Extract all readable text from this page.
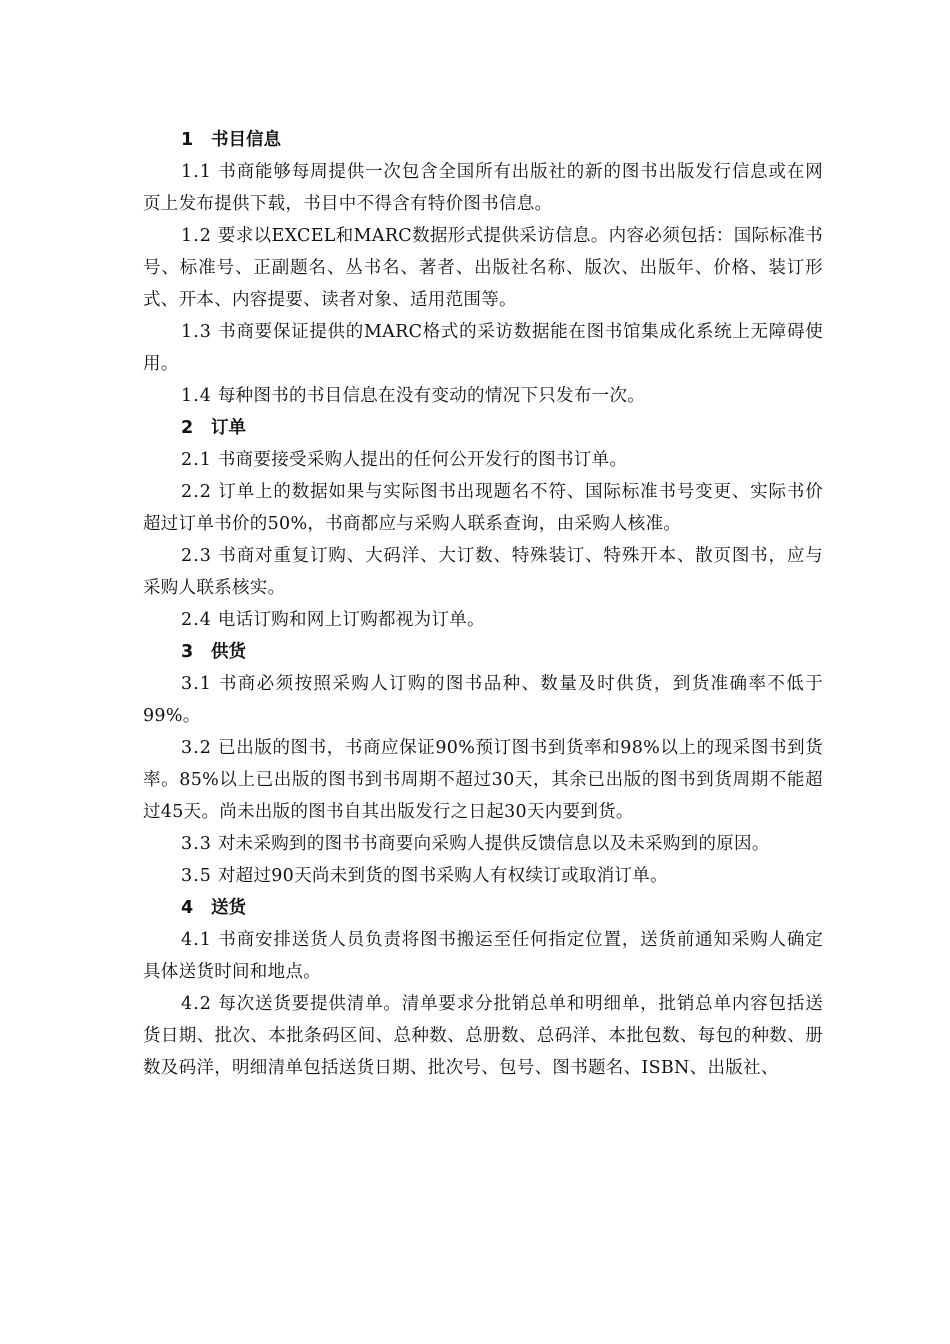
1 书目信息

1.1 书商能够每周提供一次包含全国所有出版社的新的图书出版发行信息或在网页上发布提供下载，书目中不得含有特价图书信息。

1.2 要求以EXCEL和MARC数据形式提供采访信息。内容必须包括：国际标准书号、标准号、正副题名、丛书名、著者、出版社名称、版次、出版年、价格、装订形式、开本、内容提要、读者对象、适用范围等。

1.3 书商要保证提供的MARC格式的采访数据能在图书馆集成化系统上无障碍使用。

1.4 每种图书的书目信息在没有变动的情况下只发布一次。

2 订单

2.1 书商要接受采购人提出的任何公开发行的图书订单。

2.2 订单上的数据如果与实际图书出现题名不符、国际标准书号变更、实际书价超过订单书价的50%，书商都应与采购人联系查询，由采购人核准。

2.3 书商对重复订购、大码洋、大订数、特殊装订、特殊开本、散页图书，应与采购人联系核实。

2.4 电话订购和网上订购都视为订单。

3 供货

3.1 书商必须按照采购人订购的图书品种、数量及时供货，到货准确率不低于99%。

3.2 已出版的图书，书商应保证90%预订图书到货率和98%以上的现采图书到货率。85%以上已出版的图书到书周期不超过30天，其余已出版的图书到货周期不能超过45天。尚未出版的图书自其出版发行之日起30天内要到货。

3.3 对未采购到的图书书商要向采购人提供反馈信息以及未采购到的原因。

3.5 对超过90天尚未到货的图书采购人有权续订或取消订单。

4 送货

4.1 书商安排送货人员负责将图书搬运至任何指定位置，送货前通知采购人确定具体送货时间和地点。

4.2 每次送货要提供清单。清单要求分批销总单和明细单，批销总单内容包括送货日期、批次、本批条码区间、总种数、总册数、总码洋、本批包数、每包的种数、册数及码洋，明细清单包括送货日期、批次号、包号、图书题名、ISBN、出版社、
